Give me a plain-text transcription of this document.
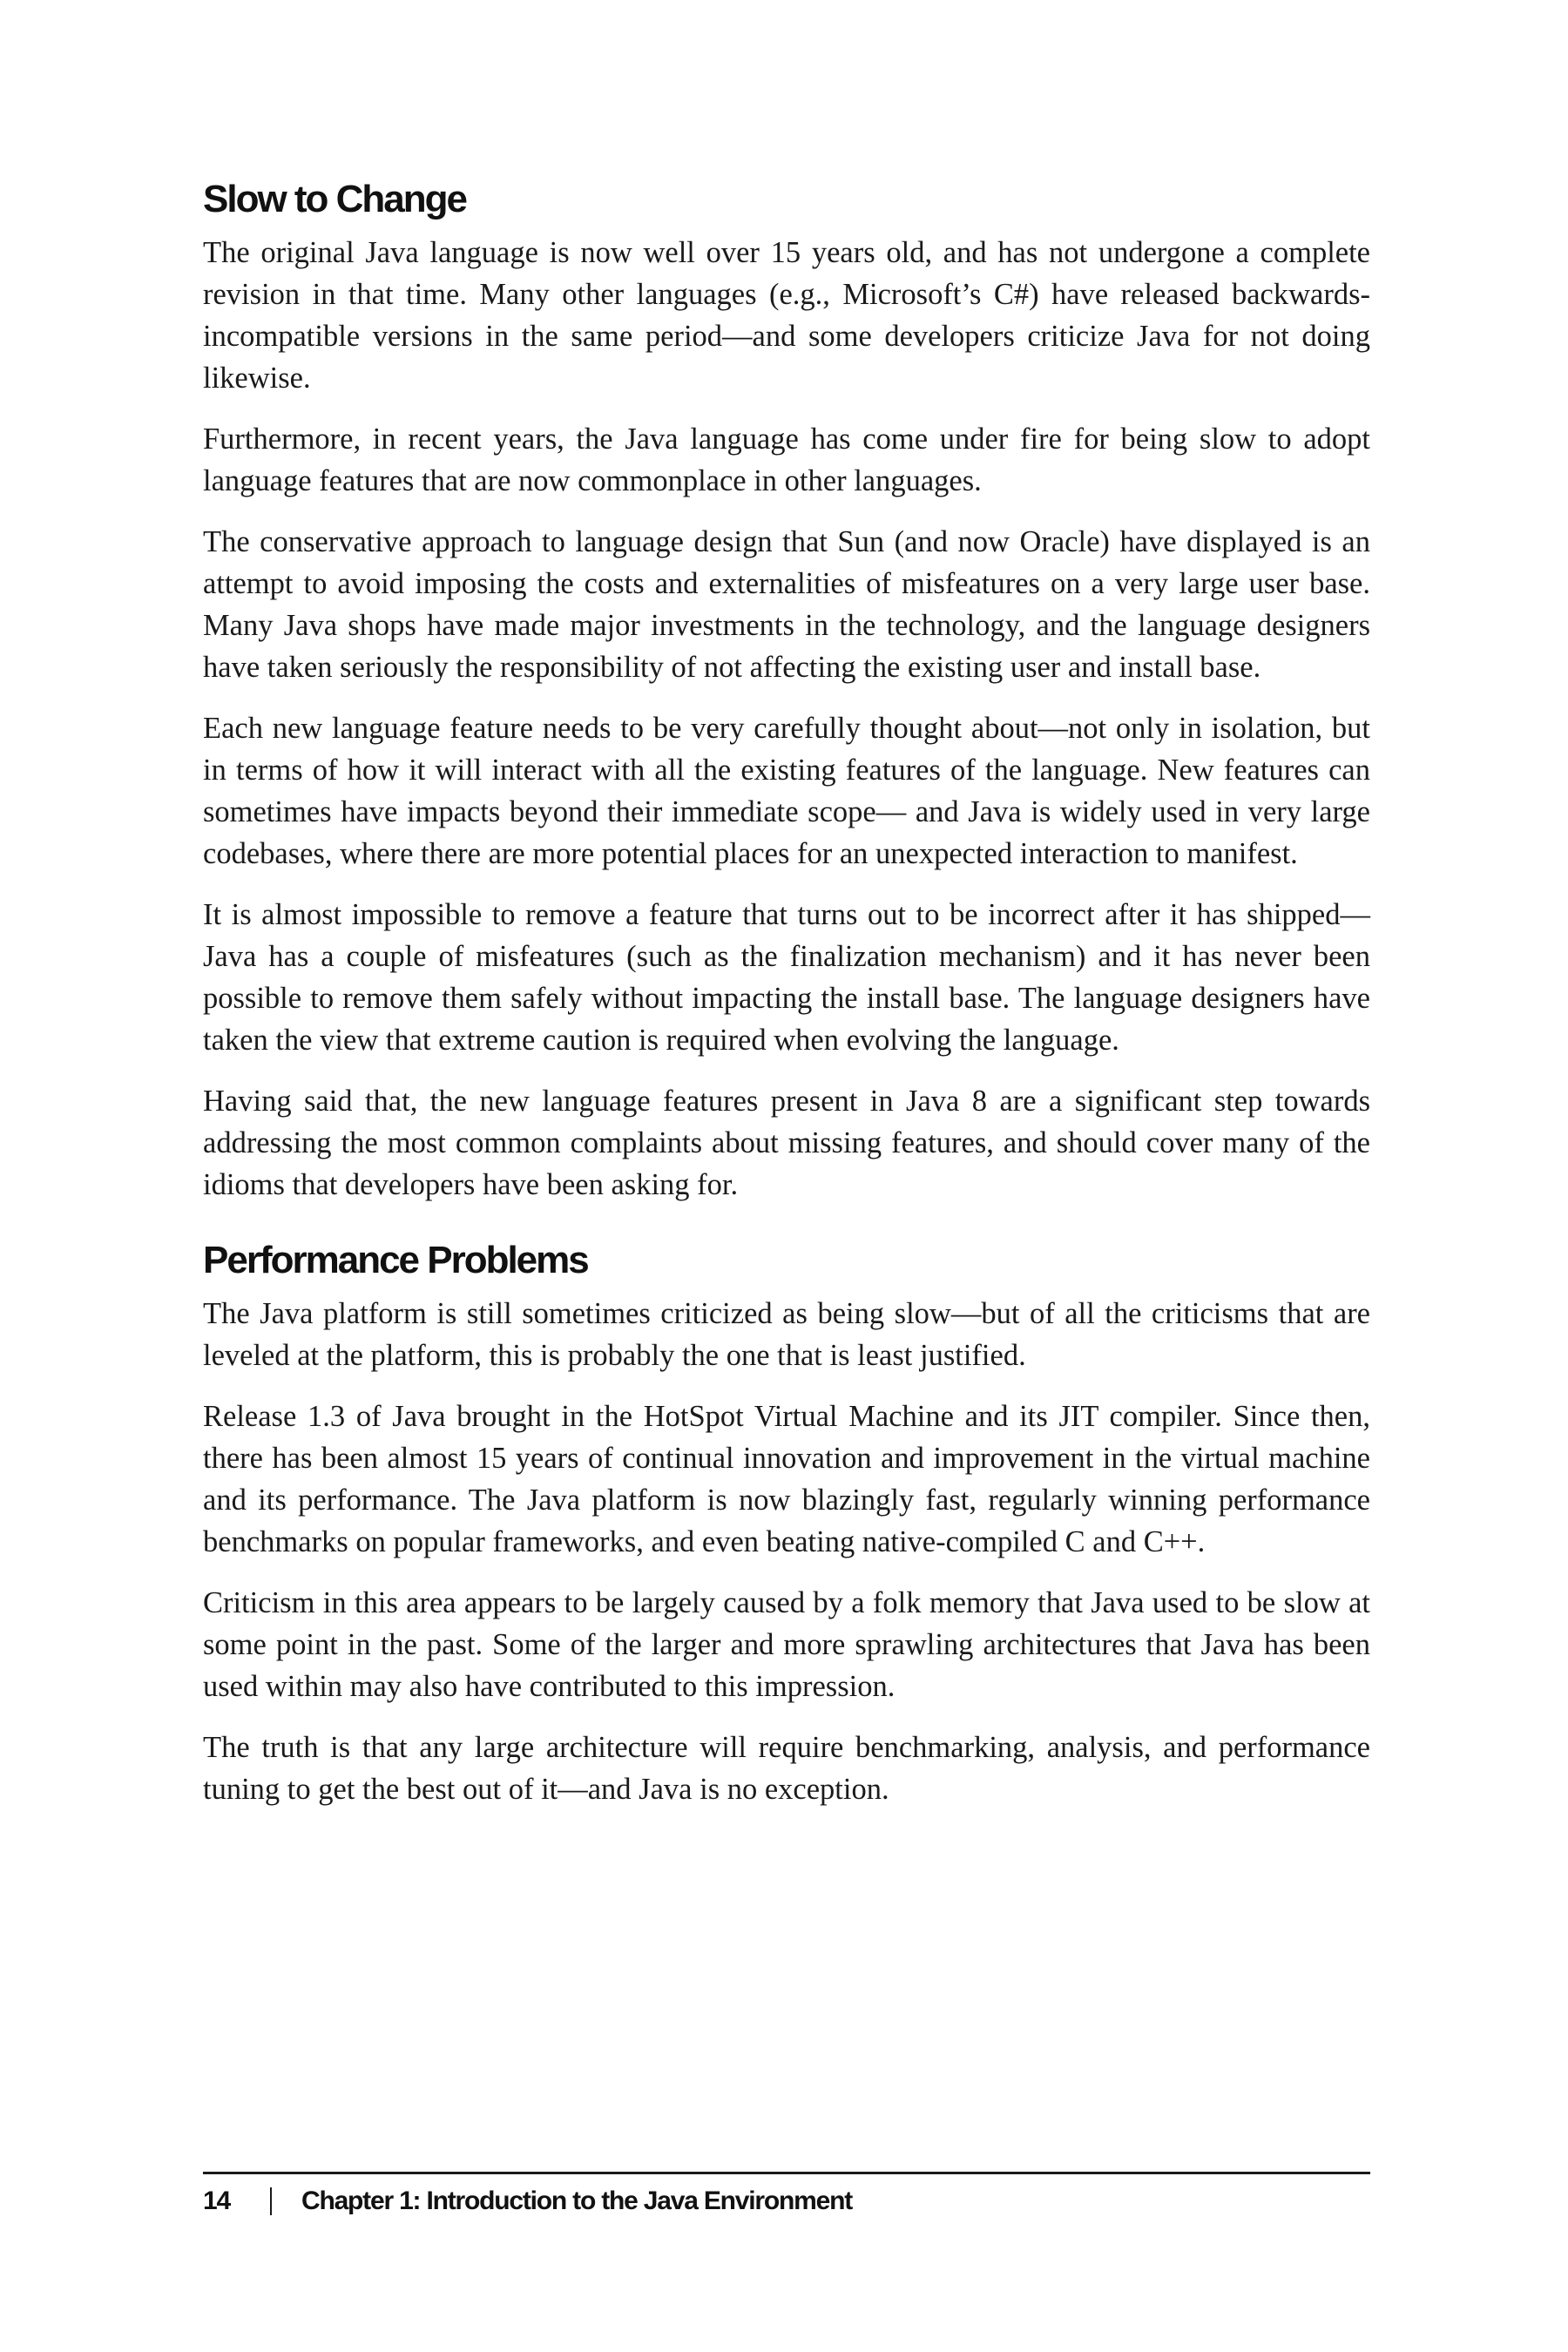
Slow to Change

The original Java language is now well over 15 years old, and has not undergone a complete revision in that time. Many other languages (e.g., Microsoft’s C#) have released backwards-incompatible versions in the same period—and some developers criticize Java for not doing likewise.

Furthermore, in recent years, the Java language has come under fire for being slow to adopt language features that are now commonplace in other languages.

The conservative approach to language design that Sun (and now Oracle) have displayed is an attempt to avoid imposing the costs and externalities of misfeatures on a very large user base. Many Java shops have made major investments in the technology, and the language designers have taken seriously the responsibility of not affecting the existing user and install base.

Each new language feature needs to be very carefully thought about—not only in isolation, but in terms of how it will interact with all the existing features of the language. New features can sometimes have impacts beyond their immediate scope— and Java is widely used in very large codebases, where there are more potential places for an unexpected interaction to manifest.

It is almost impossible to remove a feature that turns out to be incorrect after it has shipped—Java has a couple of misfeatures (such as the finalization mechanism) and it has never been possible to remove them safely without impacting the install base. The language designers have taken the view that extreme caution is required when evolving the language.

Having said that, the new language features present in Java 8 are a significant step towards addressing the most common complaints about missing features, and should cover many of the idioms that developers have been asking for.

Performance Problems

The Java platform is still sometimes criticized as being slow—but of all the criticisms that are leveled at the platform, this is probably the one that is least justified.

Release 1.3 of Java brought in the HotSpot Virtual Machine and its JIT compiler. Since then, there has been almost 15 years of continual innovation and improvement in the virtual machine and its performance. The Java platform is now blazingly fast, regularly winning performance benchmarks on popular frameworks, and even beating native-compiled C and C++.

Criticism in this area appears to be largely caused by a folk memory that Java used to be slow at some point in the past. Some of the larger and more sprawling architectures that Java has been used within may also have contributed to this impression.

The truth is that any large architecture will require benchmarking, analysis, and performance tuning to get the best out of it—and Java is no exception.

14	Chapter 1: Introduction to the Java Environment
